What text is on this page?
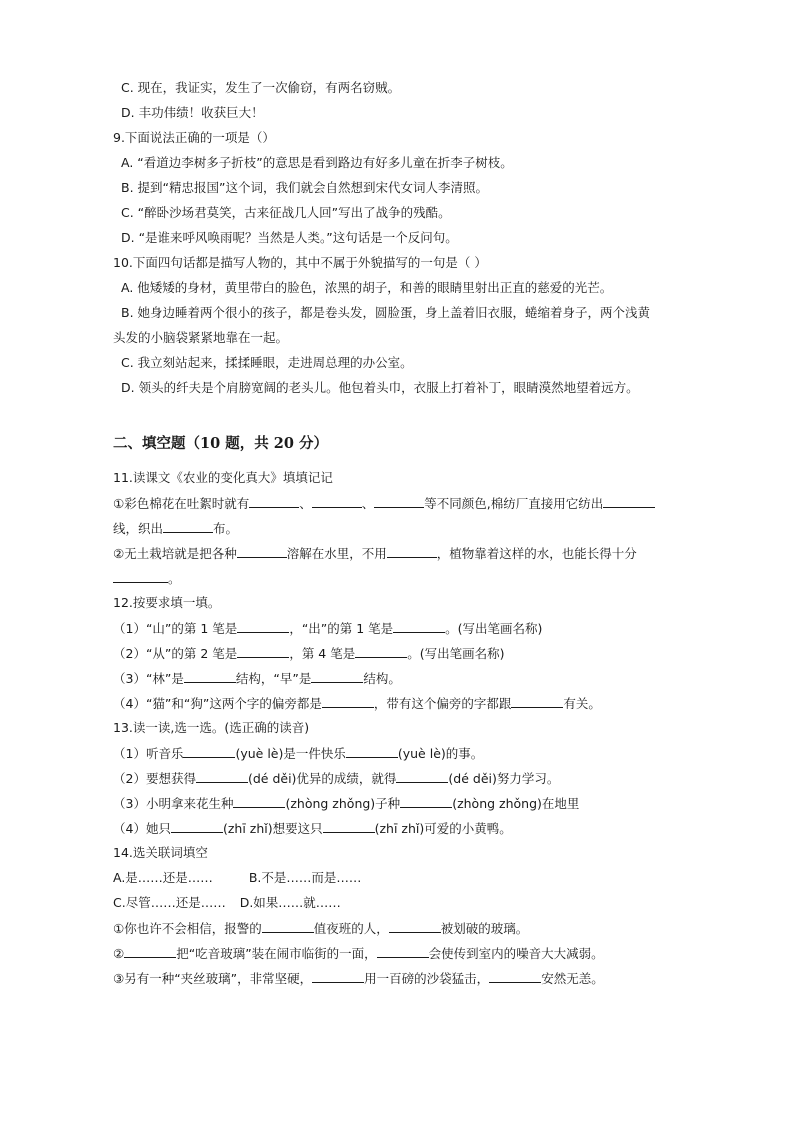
C. 现在，我证实，发生了一次偷窃，有两名窃贼。
D. 丰功伟绩！收获巨大！
9.下面说法正确的一项是（）
A. “看道边李树多子折枝”的意思是看到路边有好多儿童在折李子树枝。
B. 提到“精忠报国”这个词，我们就会自然想到宋代女词人李清照。
C. “醉卧沙场君莫笑，古来征战几人回”写出了战争的残酷。
D. “是谁来呼风唤雨呢？当然是人类。”这句话是一个反问句。
10.下面四句话都是描写人物的，其中不属于外貌描写的一句是（ ）
A. 他矮矮的身材，黄里带白的脸色，浓黑的胡子，和善的眼睛里射出正直的慈爱的光芒。
B. 她身边睡着两个很小的孩子，都是卷头发，圆脸蛋，身上盖着旧衣服，蜷缩着身子，两个浅黄
头发的小脑袋紧紧地靠在一起。
C. 我立刻站起来，揉揉睡眼，走进周总理的办公室。
D. 领头的纤夫是个肩膀宽阔的老头儿。他包着头巾，衣服上打着补丁，眼睛漠然地望着远方。
二、填空题（10 题，共 20 分）
11.读课文《农业的变化真大》填填记记
①彩色棉花在吐絮时就有	、	、	等不同颜色,棉纺厂直接用它纺出
线，织出	布。
②无土栽培就是把各种	溶解在水里，不用	，植物靠着这样的水，也能长得十分
。
12.按要求填一填。
（1）“山”的第 1 笔是	，“出”的第 1 笔是	。(写出笔画名称)
（2）“从”的第 2 笔是	，第 4 笔是	。(写出笔画名称)
（3）“林”是	结构，“早”是	结构。
（4）“猫”和“狗”这两个字的偏旁都是	，带有这个偏旁的字都跟	有关。
13.读一读,选一选。(选正确的读音)
（1）听音乐	(yuè lè)是一件快乐	(yuè lè)的事。
（2）要想获得	(dé děi)优异的成绩，就得	(dé děi)努力学习。
（3）小明拿来花生种	(zhòng zhǒng)子种	(zhòng zhǒng)在地里
（4）她只	(zhī zhǐ)想要这只	(zhī zhǐ)可爱的小黄鸭。
14.选关联词填空
A.是……还是……	B.不是……而是……
C.尽管……还是…… D.如果……就……
①你也许不会相信，报警的	值夜班的人，	被划破的玻璃。
②	把“吃音玻璃”装在闹市临街的一面，	会使传到室内的噪音大大减弱。
③另有一种“夹丝玻璃”，非常坚硬，	用一百磅的沙袋猛击，	安然无恙。
